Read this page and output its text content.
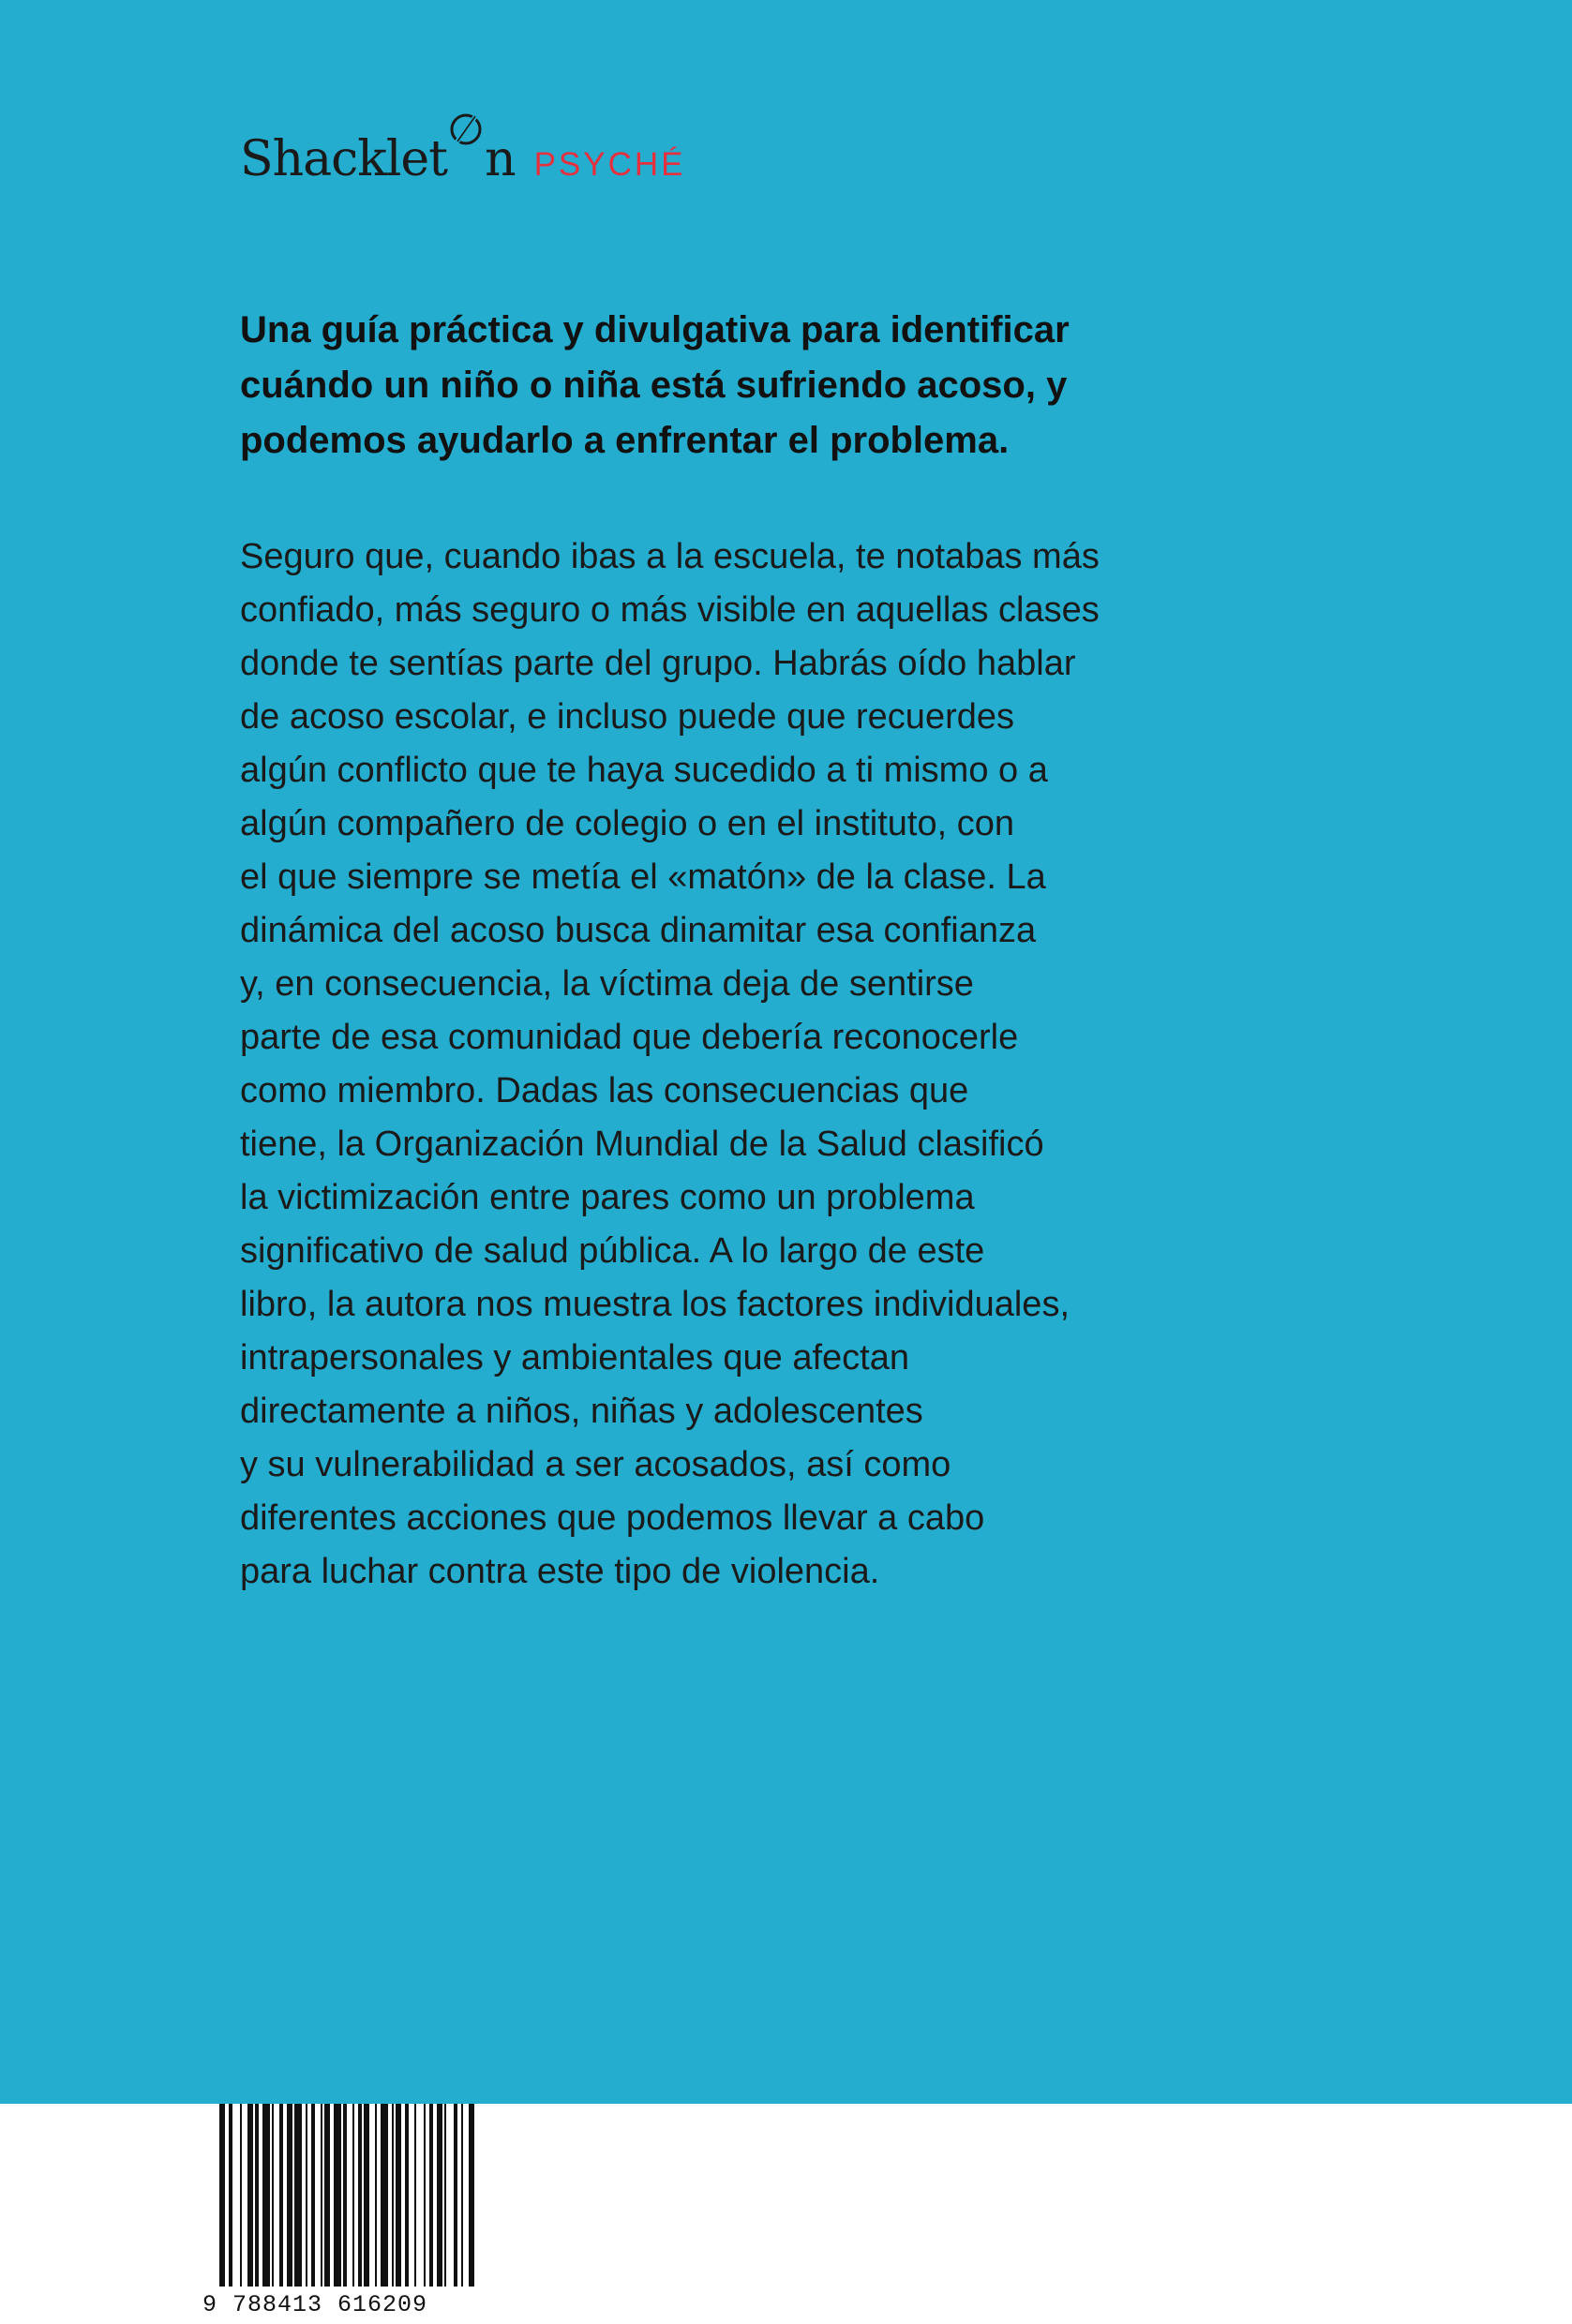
Shacklet n PSYCHÉ
Una guía práctica y divulgativa para identificar
cuándo un niño o niña está sufriendo acoso, y
podemos ayudarlo a enfrentar el problema.
Seguro que, cuando ibas a la escuela, te notabas más
confiado, más seguro o más visible en aquellas clases
donde te sentías parte del grupo. Habrás oído hablar
de acoso escolar, e incluso puede que recuerdes
algún conflicto que te haya sucedido a ti mismo o a
algún compañero de colegio o en el instituto, con
el que siempre se metía el «matón» de la clase. La
dinámica del acoso busca dinamitar esa confianza
y, en consecuencia, la víctima deja de sentirse
parte de esa comunidad que debería reconocerle
como miembro. Dadas las consecuencias que
tiene, la Organización Mundial de la Salud clasificó
la victimización entre pares como un problema
significativo de salud pública. A lo largo de este
libro, la autora nos muestra los factores individuales,
intrapersonales y ambientales que afectan
directamente a niños, niñas y adolescentes
y su vulnerabilidad a ser acosados, así como
diferentes acciones que podemos llevar a cabo
para luchar contra este tipo de violencia.
9 788413 616209
